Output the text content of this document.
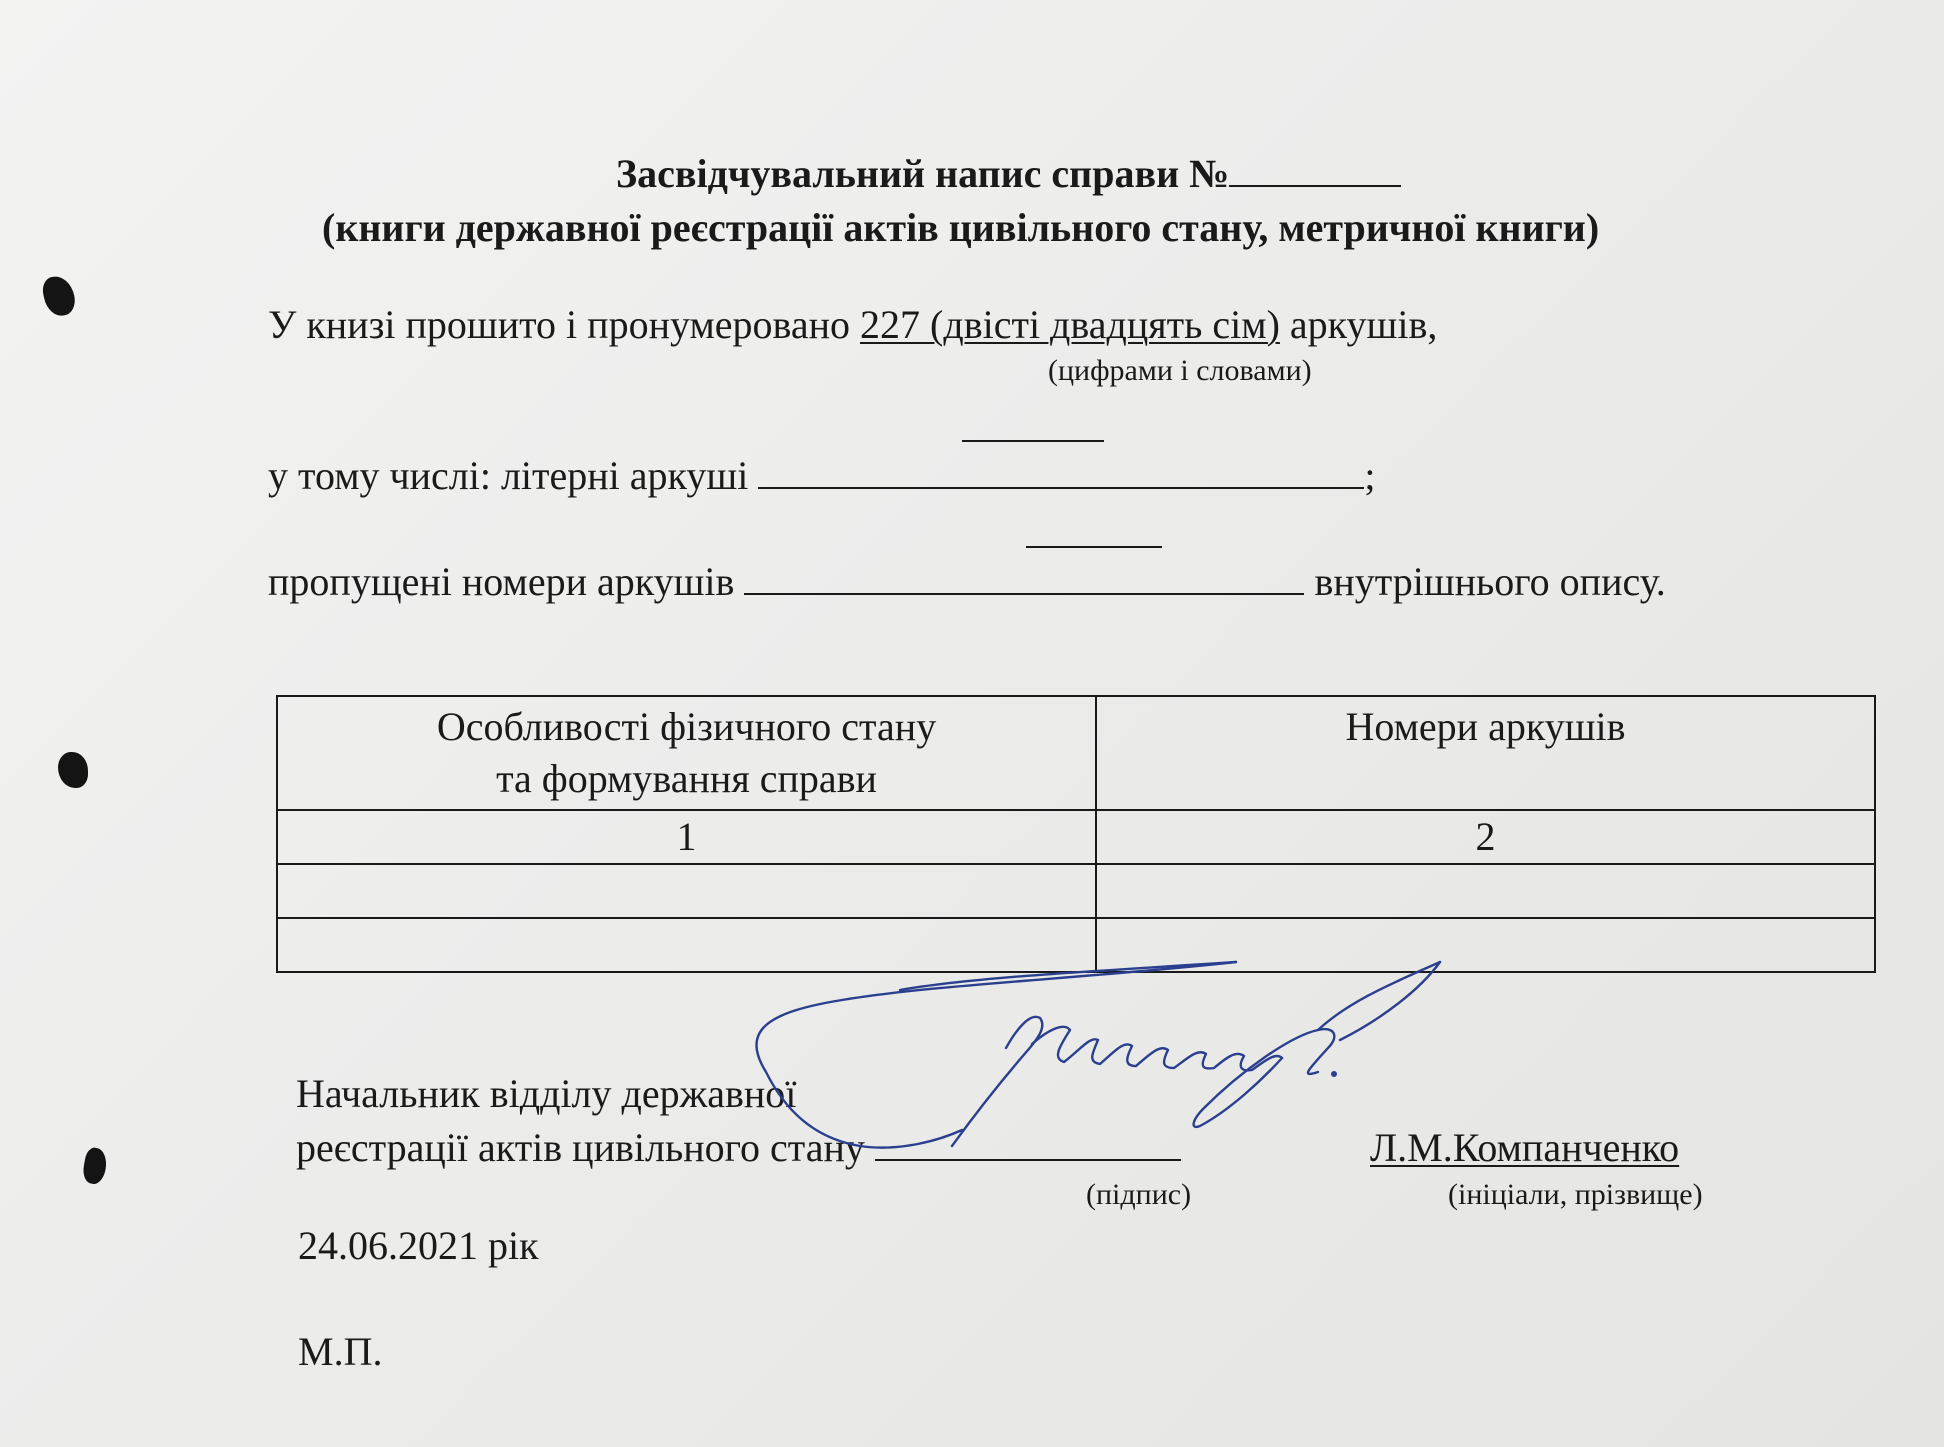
Засвідчувальний напис справи №
(книги державної реєстрації актів цивільного стану, метричної книги)
У книзі прошито і пронумеровано 227 (двісті двадцять сім) аркушів,
(цифрами і словами)
у тому числі: літерні аркуші	;
пропущені номери аркушів	внутрішнього опису.
Особливості фізичного стану
та формування справи	Номери аркушів

1	2

Начальник відділу державної
реєстрації актів цивільного стану	Л.М.Компанченко
(підпис)	(ініціали, прізвище)
24.06.2021 рік
М.П.
